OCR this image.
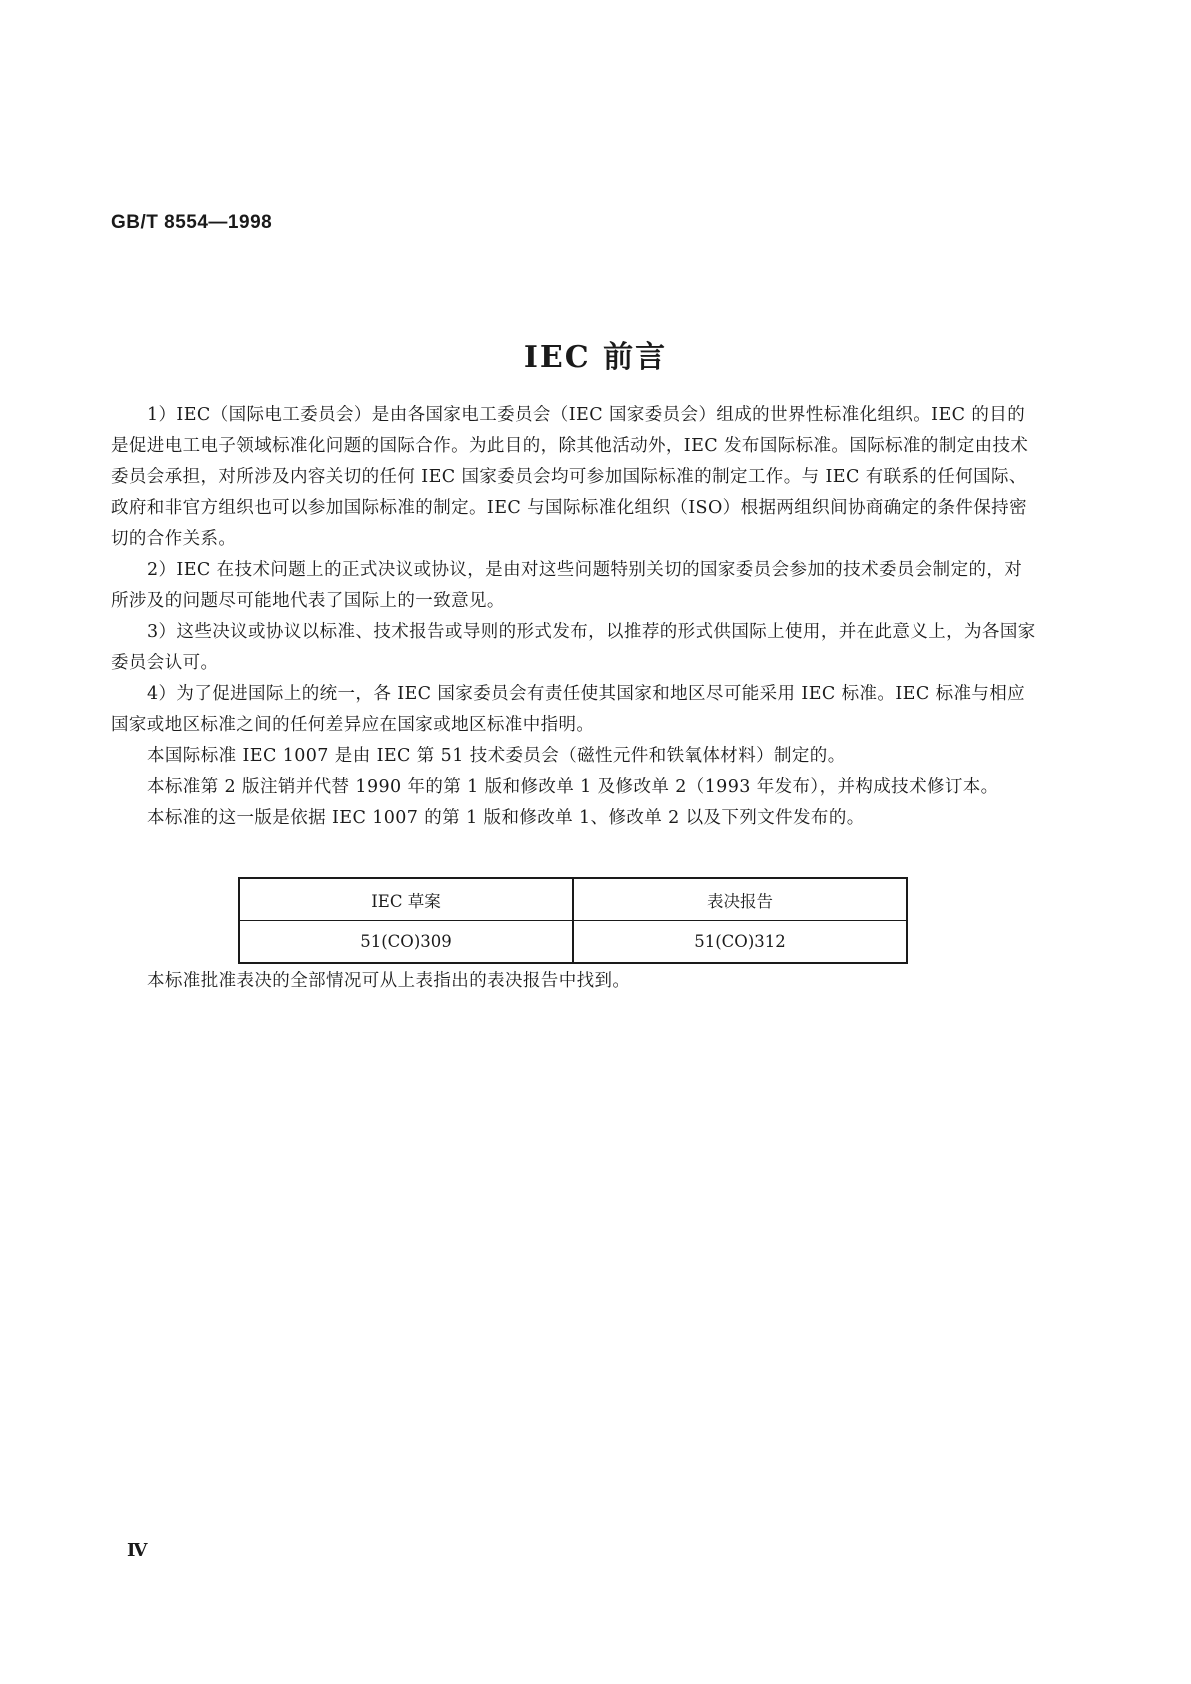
GB/T 8554—1998
IEC 前言

1）IEC（国际电工委员会）是由各国家电工委员会（IEC 国家委员会）组成的世界性标准化组织。IEC 的目的是促进电工电子领域标准化问题的国际合作。为此目的，除其他活动外，IEC 发布国际标准。国际标准的制定由技术委员会承担，对所涉及内容关切的任何 IEC 国家委员会均可参加国际标准的制定工作。与 IEC 有联系的任何国际、政府和非官方组织也可以参加国际标准的制定。IEC 与国际标准化组织（ISO）根据两组织间协商确定的条件保持密切的合作关系。

2）IEC 在技术问题上的正式决议或协议，是由对这些问题特别关切的国家委员会参加的技术委员会制定的，对所涉及的问题尽可能地代表了国际上的一致意见。

3）这些决议或协议以标准、技术报告或导则的形式发布，以推荐的形式供国际上使用，并在此意义上，为各国家委员会认可。

4）为了促进国际上的统一，各 IEC 国家委员会有责任使其国家和地区尽可能采用 IEC 标准。IEC 标准与相应国家或地区标准之间的任何差异应在国家或地区标准中指明。

本国际标准 IEC 1007 是由 IEC 第 51 技术委员会（磁性元件和铁氧体材料）制定的。

本标准第 2 版注销并代替 1990 年的第 1 版和修改单 1 及修改单 2（1993 年发布），并构成技术修订本。

本标准的这一版是依据 IEC 1007 的第 1 版和修改单 1、修改单 2 以及下列文件发布的。

IEC 草案	表决报告
51(CO)309	51(CO)312
本标准批准表决的全部情况可从上表指出的表决报告中找到。
Ⅳ
